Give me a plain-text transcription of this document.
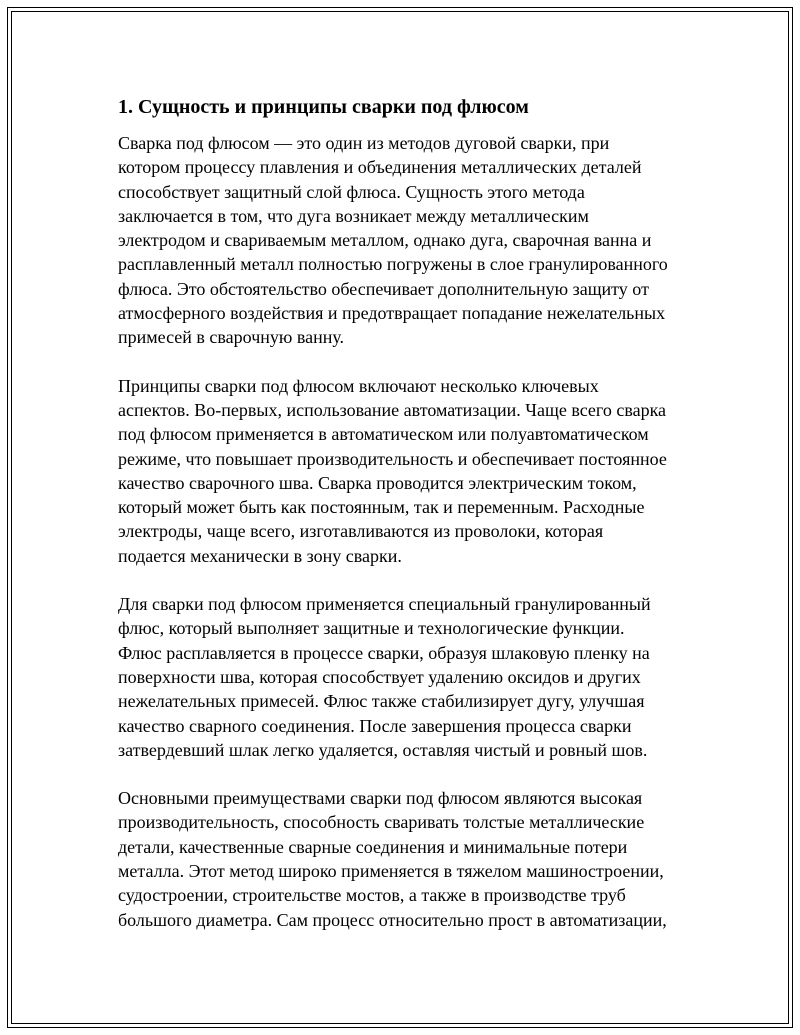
1. Сущность и принципы сварки под флюсом

Сварка под флюсом — это один из методов дуговой сварки, при
котором процессу плавления и объединения металлических деталей
способствует защитный слой флюса. Сущность этого метода
заключается в том, что дуга возникает между металлическим
электродом и свариваемым металлом, однако дуга, сварочная ванна и
расплавленный металл полностью погружены в слое гранулированного
флюса. Это обстоятельство обеспечивает дополнительную защиту от
атмосферного воздействия и предотвращает попадание нежелательных
примесей в сварочную ванну.

Принципы сварки под флюсом включают несколько ключевых
аспектов. Во-первых, использование автоматизации. Чаще всего сварка
под флюсом применяется в автоматическом или полуавтоматическом
режиме, что повышает производительность и обеспечивает постоянное
качество сварочного шва. Сварка проводится электрическим током,
который может быть как постоянным, так и переменным. Расходные
электроды, чаще всего, изготавливаются из проволоки, которая
подается механически в зону сварки.

Для сварки под флюсом применяется специальный гранулированный
флюс, который выполняет защитные и технологические функции.
Флюс расплавляется в процессе сварки, образуя шлаковую пленку на
поверхности шва, которая способствует удалению оксидов и других
нежелательных примесей. Флюс также стабилизирует дугу, улучшая
качество сварного соединения. После завершения процесса сварки
затвердевший шлак легко удаляется, оставляя чистый и ровный шов.

Основными преимуществами сварки под флюсом являются высокая
производительность, способность сваривать толстые металлические
детали, качественные сварные соединения и минимальные потери
металла. Этот метод широко применяется в тяжелом машиностроении,
судостроении, строительстве мостов, а также в производстве труб
большого диаметра. Сам процесс относительно прост в автоматизации,
